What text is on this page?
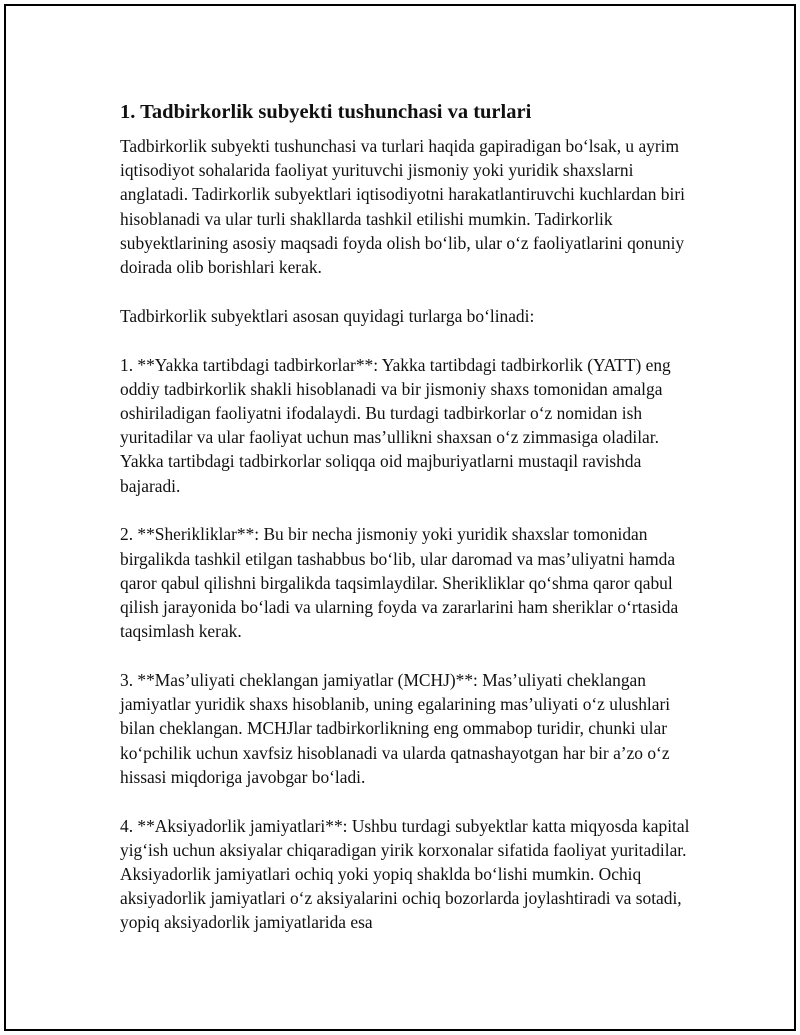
1. Tadbirkorlik subyekti tushunchasi va turlari

Tadbirkorlik subyekti tushunchasi va turlari haqida gapiradigan bo‘lsak, u ayrim iqtisodiyot sohalarida faoliyat yurituvchi jismoniy yoki yuridik shaxslarni anglatadi. Tadirkorlik subyektlari iqtisodiyotni harakatlantiruvchi kuchlardan biri hisoblanadi va ular turli shakllarda tashkil etilishi mumkin. Tadirkorlik subyektlarining asosiy maqsadi foyda olish bo‘lib, ular o‘z faoliyatlarini qonuniy doirada olib borishlari kerak.

Tadbirkorlik subyektlari asosan quyidagi turlarga bo‘linadi:

1. **Yakka tartibdagi tadbirkorlar**: Yakka tartibdagi tadbirkorlik (YATT) eng oddiy tadbirkorlik shakli hisoblanadi va bir jismoniy shaxs tomonidan amalga oshiriladigan faoliyatni ifodalaydi. Bu turdagi tadbirkorlar o‘z nomidan ish yuritadilar va ular faoliyat uchun mas’ullikni shaxsan o‘z zimmasiga oladilar. Yakka tartibdagi tadbirkorlar soliqqa oid majburiyatlarni mustaqil ravishda bajaradi.

2. **Sherikliklar**: Bu bir necha jismoniy yoki yuridik shaxslar tomonidan birgalikda tashkil etilgan tashabbus bo‘lib, ular daromad va mas’uliyatni hamda qaror qabul qilishni birgalikda taqsimlaydilar. Sherikliklar qo‘shma qaror qabul qilish jarayonida bo‘ladi va ularning foyda va zararlarini ham sheriklar o‘rtasida taqsimlash kerak.

3. **Mas’uliyati cheklangan jamiyatlar (MCHJ)**: Mas’uliyati cheklangan jamiyatlar yuridik shaxs hisoblanib, uning egalarining mas’uliyati o‘z ulushlari bilan cheklangan. MCHJlar tadbirkorlikning eng ommabop turidir, chunki ular ko‘pchilik uchun xavfsiz hisoblanadi va ularda qatnashayotgan har bir a’zo o‘z hissasi miqdoriga javobgar bo‘ladi.

4. **Aksiyadorlik jamiyatlari**: Ushbu turdagi subyektlar katta miqyosda kapital yig‘ish uchun aksiyalar chiqaradigan yirik korxonalar sifatida faoliyat yuritadilar. Aksiyadorlik jamiyatlari ochiq yoki yopiq shaklda bo‘lishi mumkin. Ochiq aksiyadorlik jamiyatlari o‘z aksiyalarini ochiq bozorlarda joylashtiradi va sotadi, yopiq aksiyadorlik jamiyatlarida esa
